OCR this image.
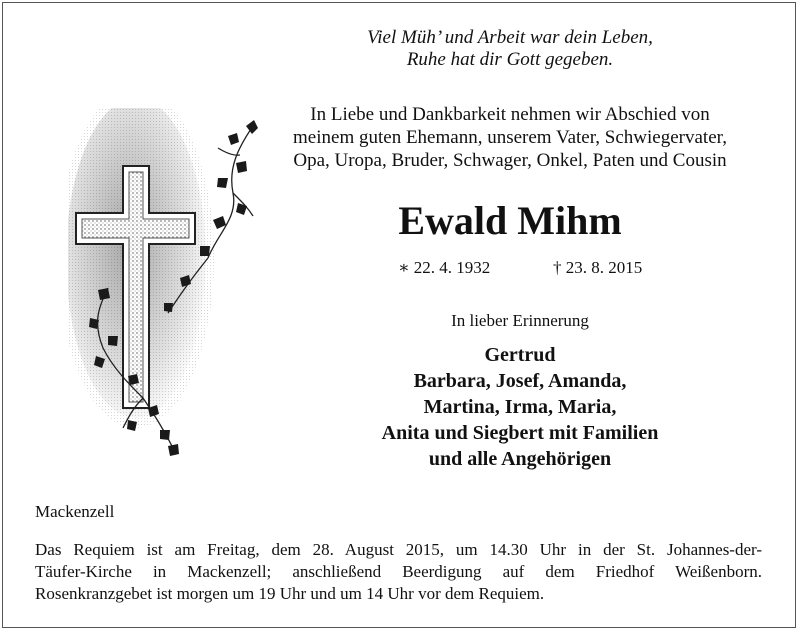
Viel Müh’ und Arbeit war dein Leben,
Ruhe hat dir Gott gegeben.
In Liebe und Dankbarkeit nehmen wir Abschied von
meinem guten Ehemann, unserem Vater, Schwiegervater,
Opa, Uropa, Bruder, Schwager, Onkel, Paten und Cousin
Ewald Mihm
∗ 22. 4. 1932	† 23. 8. 2015
In lieber Erinnerung
Gertrud
Barbara, Josef, Amanda,
Martina, Irma, Maria,
Anita und Siegbert mit Familien
und alle Angehörigen
Mackenzell
Das Requiem ist am Freitag, dem 28. August 2015, um 14.30 Uhr in der St. Johannes-der-
Täufer-Kirche in Mackenzell; anschließend Beerdigung auf dem Friedhof Weißenborn.
Rosenkranzgebet ist morgen um 19 Uhr und um 14 Uhr vor dem Requiem.
